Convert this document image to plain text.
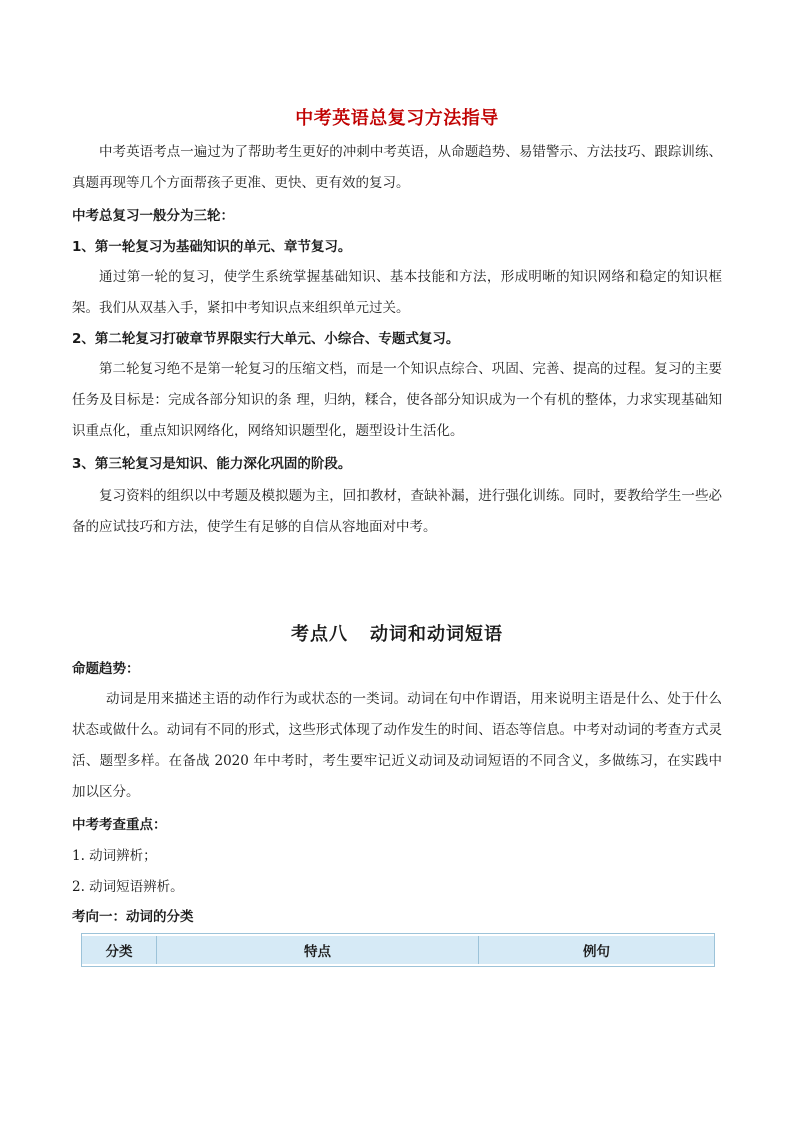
中考英语总复习方法指导
中考英语考点一遍过为了帮助考生更好的冲刺中考英语，从命题趋势、易错警示、方法技巧、跟踪训练、真题再现等几个方面帮孩子更准、更快、更有效的复习。
中考总复习一般分为三轮：
1、第一轮复习为基础知识的单元、章节复习。
通过第一轮的复习，使学生系统掌握基础知识、基本技能和方法，形成明晰的知识网络和稳定的知识框架。我们从双基入手，紧扣中考知识点来组织单元过关。
2、第二轮复习打破章节界限实行大单元、小综合、专题式复习。
第二轮复习绝不是第一轮复习的压缩文档，而是一个知识点综合、巩固、完善、提高的过程。复习的主要任务及目标是：完成各部分知识的条 理，归纳，糅合，使各部分知识成为一个有机的整体，力求实现基础知识重点化，重点知识网络化，网络知识题型化，题型设计生活化。
3、第三轮复习是知识、能力深化巩固的阶段。
复习资料的组织以中考题及模拟题为主，回扣教材，查缺补漏，进行强化训练。同时，要教给学生一些必备的应试技巧和方法，使学生有足够的自信从容地面对中考。
考点八 动词和动词短语
命题趋势：
动词是用来描述主语的动作行为或状态的一类词。动词在句中作谓语，用来说明主语是什么、处于什么状态或做什么。动词有不同的形式，这些形式体现了动作发生的时间、语态等信息。中考对动词的考查方式灵活、题型多样。在备战 2020 年中考时，考生要牢记近义动词及动词短语的不同含义，多做练习，在实践中加以区分。
中考考查重点：
1. 动词辨析；
2. 动词短语辨析。
考向一：动词的分类
分类	特点	例句
